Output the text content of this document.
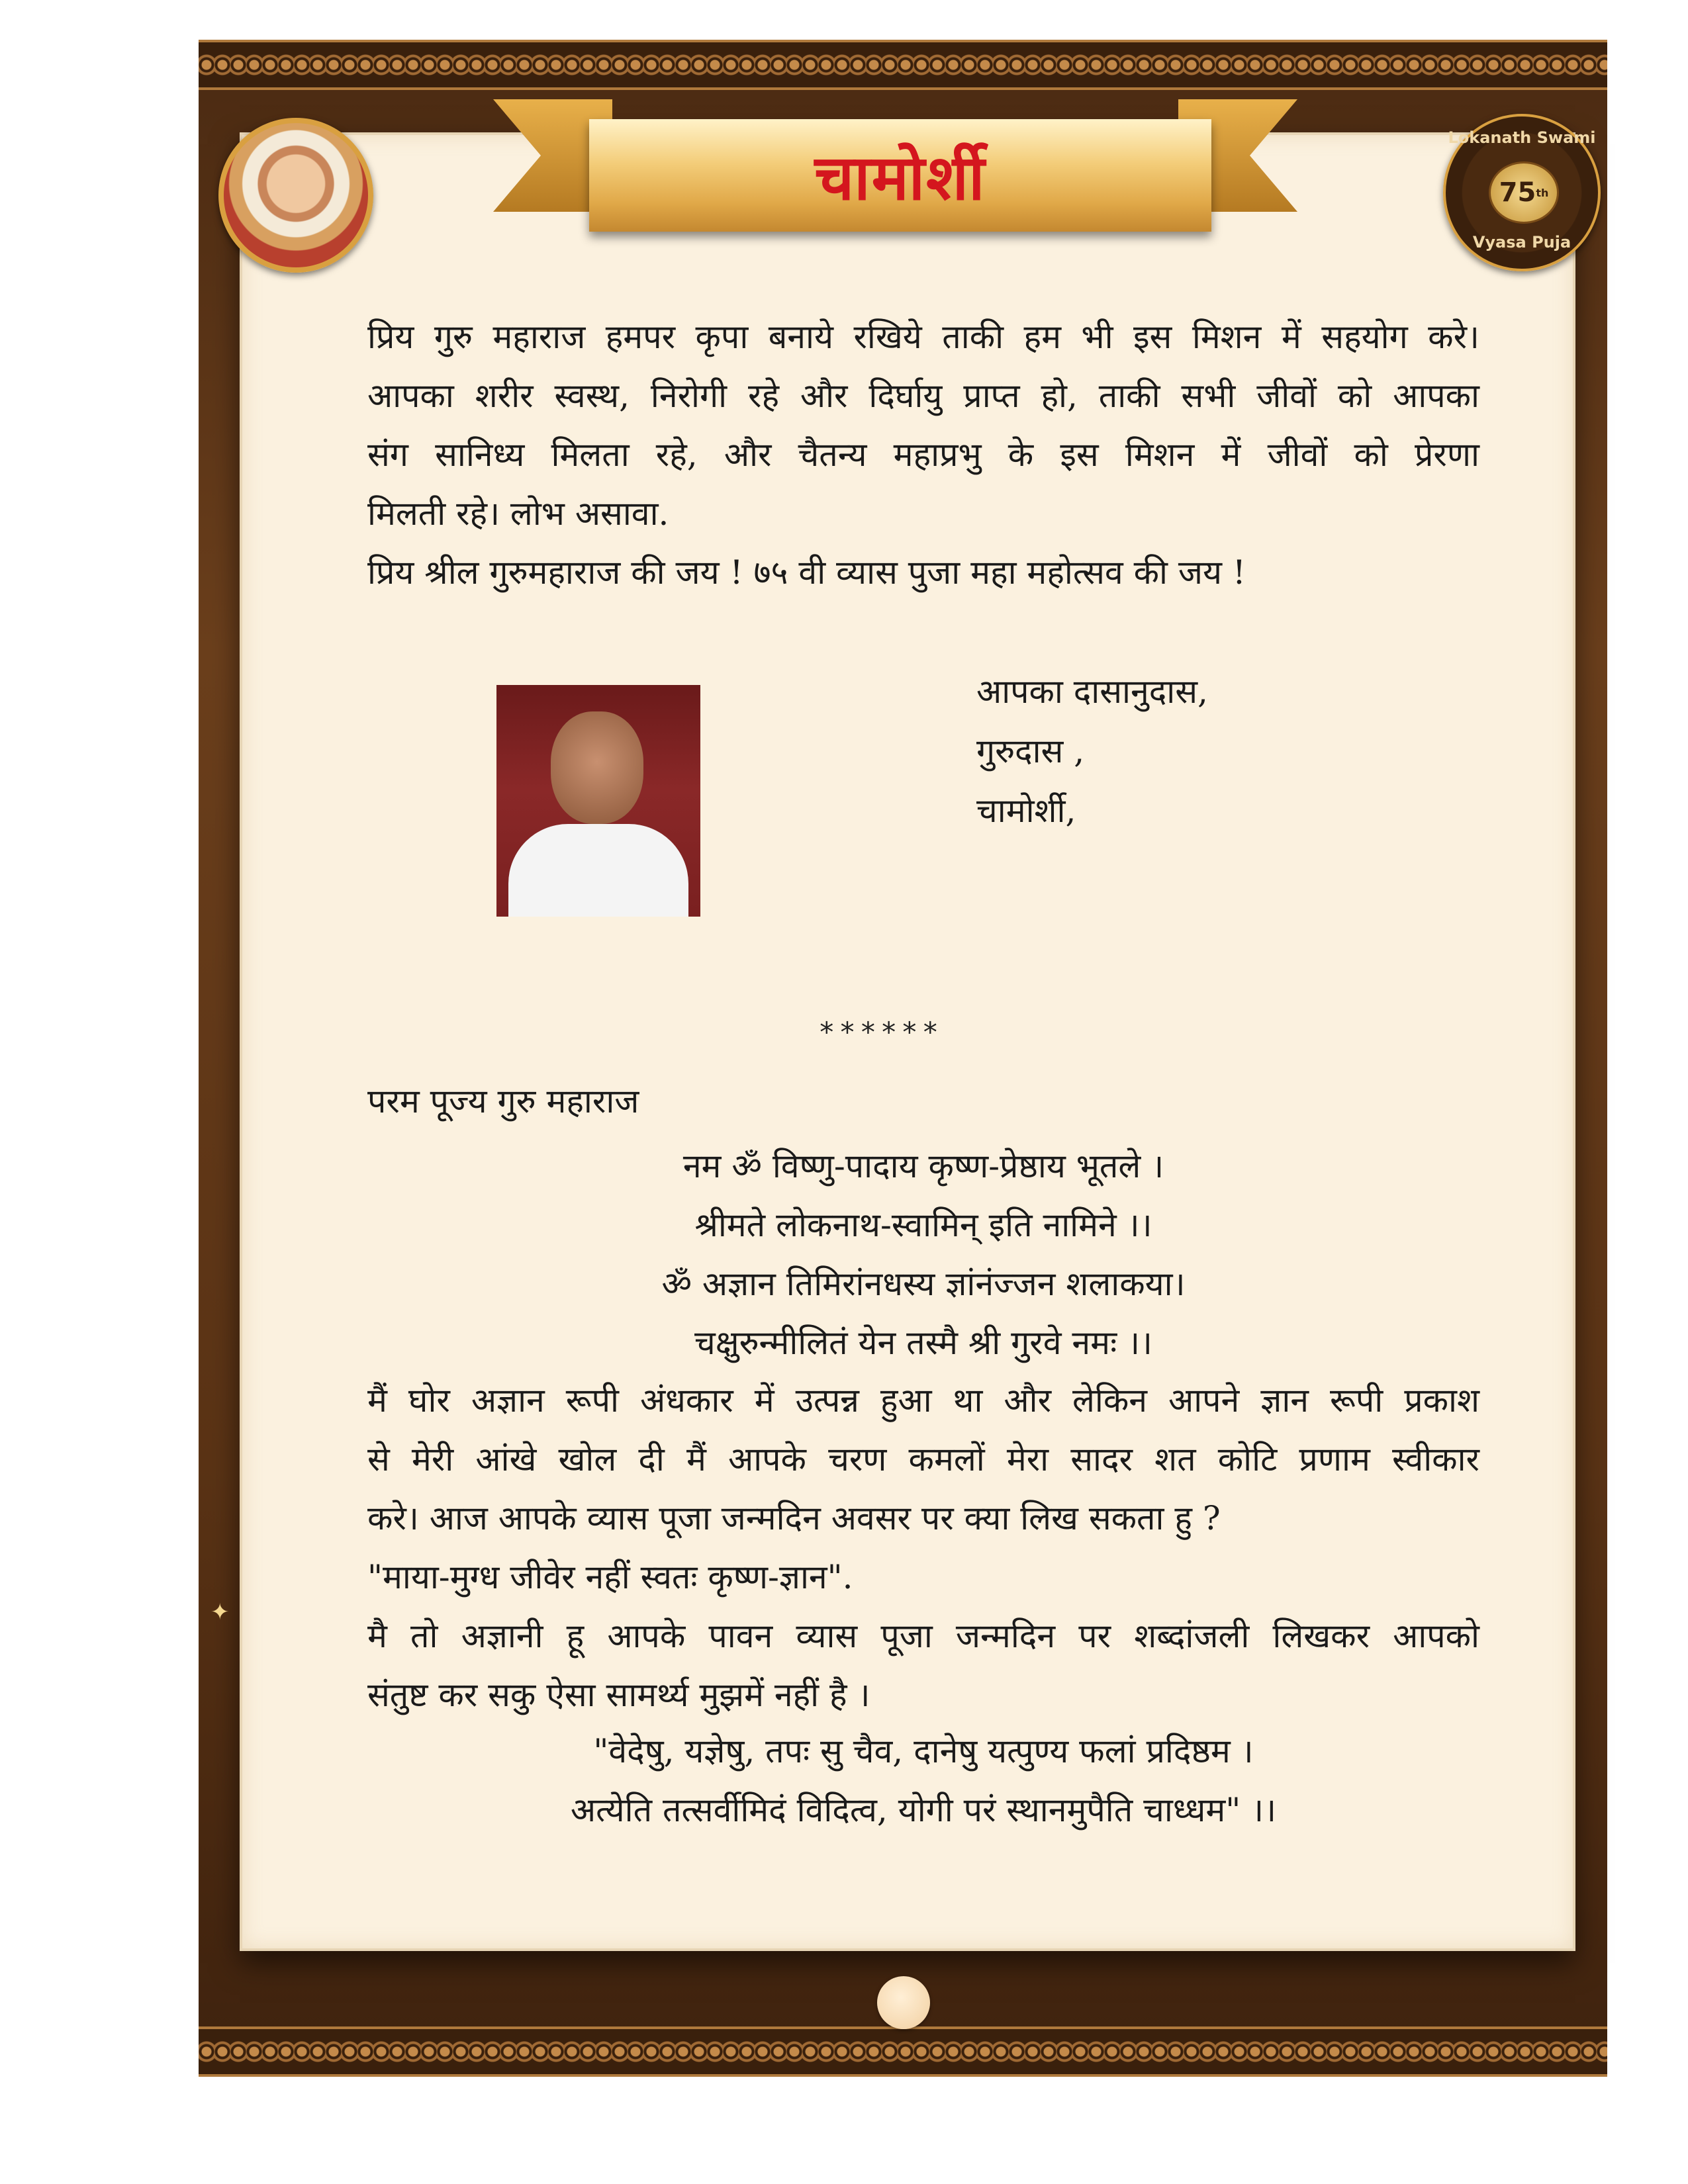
चामोर्शी
Lokanath Swami
75 th
Vyasa Puja

प्रिय गुरु महाराज हमपर कृपा बनाये रखिये ताकी हम भी इस मिशन में सहयोग करे।

आपका शरीर स्वस्थ, निरोगी रहे और दिर्घायु प्राप्त हो, ताकी सभी जीवों को आपका

संग सानिध्य मिलता रहे, और चैतन्य महाप्रभु के इस मिशन में जीवों को प्रेरणा

मिलती रहे। लोभ असावा.

प्रिय श्रील गुरुमहाराज की जय ! ७५ वी व्यास पुजा महा महोत्सव की जय !

आपका दासानुदास,
गुरुदास ,
चामोर्शी,
******
परम पूज्य गुरु महाराज
नम ॐ विष्णु-पादाय कृष्ण-प्रेष्ठाय भूतले ।
श्रीमते लोकनाथ-स्वामिन् इति नामिने ।।
ॐ अज्ञान तिमिरांनधस्य ज्ञांनंज्जन शलाकया।
चक्षुरुन्मीलितं येन तस्मै श्री गुरवे नमः ।।

मैं घोर अज्ञान रूपी अंधकार में उत्पन्न हुआ था और लेकिन आपने ज्ञान रूपी प्रकाश

से मेरी आंखे खोल दी मैं आपके चरण कमलों मेरा सादर शत कोटि प्रणाम स्वीकार

करे। आज आपके व्यास पूजा जन्मदिन अवसर पर क्या लिख सकता हु ?

"माया-मुग्ध जीवेर नहीं स्वतः कृष्ण-ज्ञान".

मै तो अज्ञानी हू आपके पावन व्यास पूजा जन्मदिन पर शब्दांजली लिखकर आपको

संतुष्ट कर सकु ऐसा सामर्थ्य मुझमें नहीं है ।

"वेदेषु, यज्ञेषु, तपः सु चैव, दानेषु यत्पुण्य फलां प्रदिष्ठम ।
अत्येति तत्सर्वीमिदं विदित्व, योगी परं स्थानमुपैति चाध्धम" ।।
✦
